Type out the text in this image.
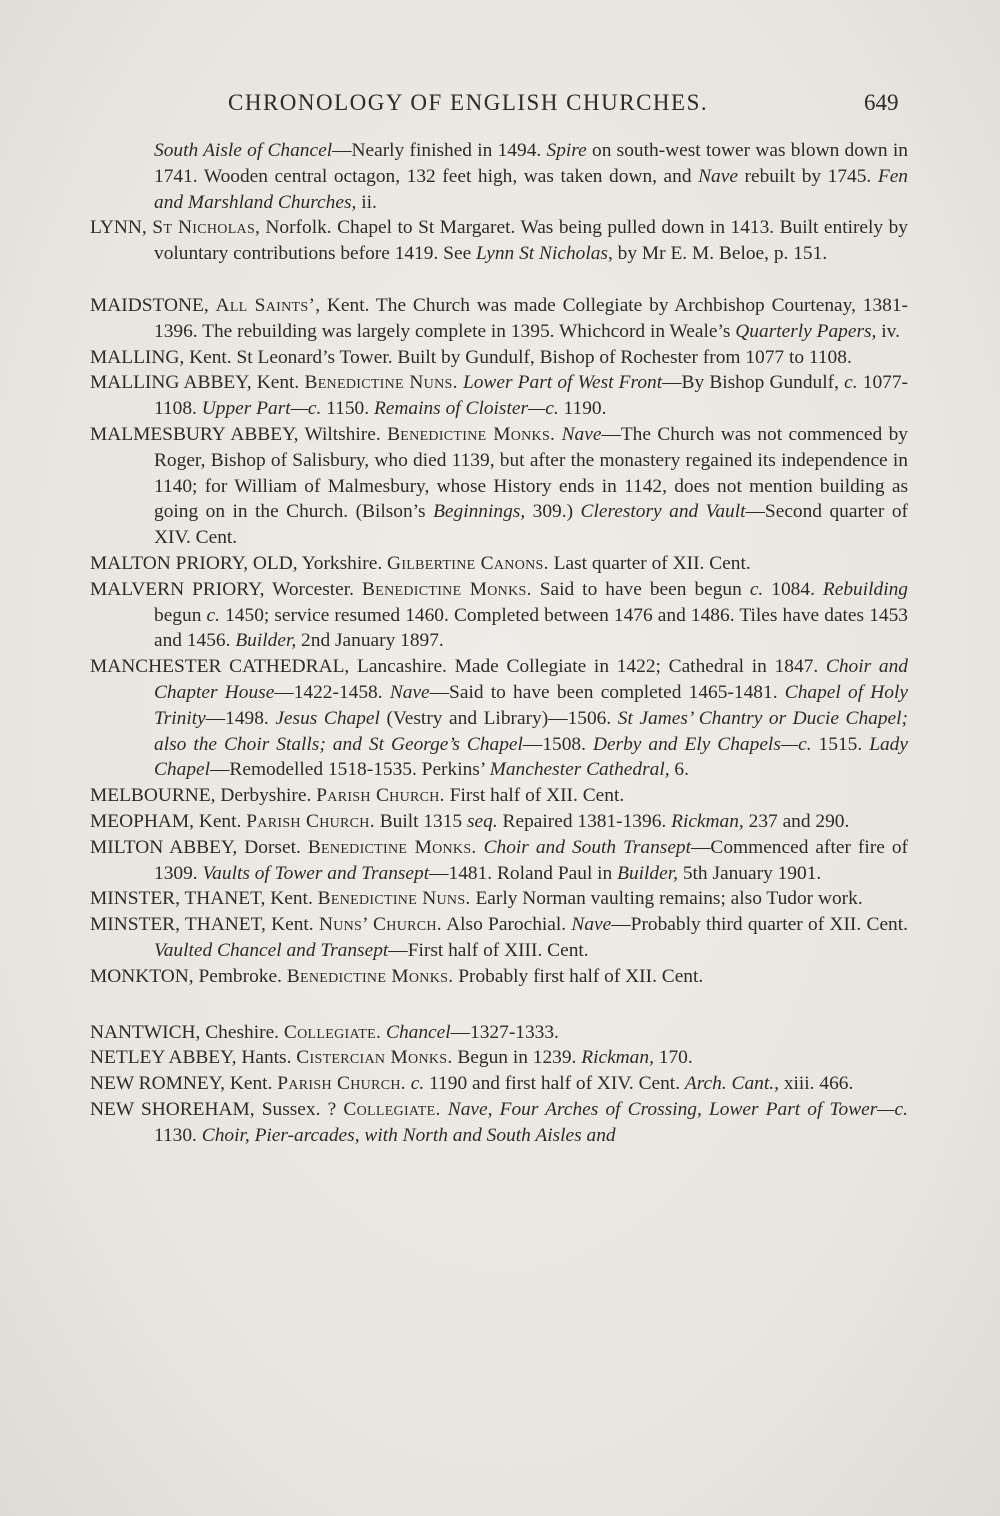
CHRONOLOGY OF ENGLISH CHURCHES.	649

South Aisle of Chancel—Nearly finished in 1494. Spire on south-west tower was blown down in 1741. Wooden central octagon, 132 feet high, was taken down, and Nave rebuilt by 1745. Fen and Marshland Churches, ii.

LYNN, St Nicholas, Norfolk. Chapel to St Margaret. Was being pulled down in 1413. Built entirely by voluntary contributions before 1419. See Lynn St Nicholas, by Mr E. M. Beloe, p. 151.

MAIDSTONE, All Saints’, Kent. The Church was made Collegiate by Archbishop Courtenay, 1381-1396. The rebuilding was largely complete in 1395. Whichcord in Weale’s Quarterly Papers, iv.

MALLING, Kent. St Leonard’s Tower. Built by Gundulf, Bishop of Rochester from 1077 to 1108.

MALLING ABBEY, Kent. Benedictine Nuns. Lower Part of West Front—By Bishop Gundulf, c. 1077-1108. Upper Part—c. 1150. Remains of Cloister—c. 1190.

MALMESBURY ABBEY, Wiltshire. Benedictine Monks. Nave—The Church was not commenced by Roger, Bishop of Salisbury, who died 1139, but after the monastery regained its independence in 1140; for William of Malmesbury, whose History ends in 1142, does not mention building as going on in the Church. (Bilson’s Beginnings, 309.) Clerestory and Vault—Second quarter of XIV. Cent.

MALTON PRIORY, OLD, Yorkshire. Gilbertine Canons. Last quarter of XII. Cent.

MALVERN PRIORY, Worcester. Benedictine Monks. Said to have been begun c. 1084. Rebuilding begun c. 1450; service resumed 1460. Completed between 1476 and 1486. Tiles have dates 1453 and 1456. Builder, 2nd January 1897.

MANCHESTER CATHEDRAL, Lancashire. Made Collegiate in 1422; Cathedral in 1847. Choir and Chapter House—1422-1458. Nave—Said to have been completed 1465-1481. Chapel of Holy Trinity—1498. Jesus Chapel (Vestry and Library)—1506. St James’ Chantry or Ducie Chapel; also the Choir Stalls; and St George’s Chapel—1508. Derby and Ely Chapels—c. 1515. Lady Chapel—Remodelled 1518-1535. Perkins’ Manchester Cathedral, 6.

MELBOURNE, Derbyshire. Parish Church. First half of XII. Cent.

MEOPHAM, Kent. Parish Church. Built 1315 seq. Repaired 1381-1396. Rickman, 237 and 290.

MILTON ABBEY, Dorset. Benedictine Monks. Choir and South Transept—Commenced after fire of 1309. Vaults of Tower and Transept—1481. Roland Paul in Builder, 5th January 1901.

MINSTER, THANET, Kent. Benedictine Nuns. Early Norman vaulting remains; also Tudor work.

MINSTER, THANET, Kent. Nuns’ Church. Also Parochial. Nave—Probably third quarter of XII. Cent. Vaulted Chancel and Transept—First half of XIII. Cent.

MONKTON, Pembroke. Benedictine Monks. Probably first half of XII. Cent.

NANTWICH, Cheshire. Collegiate. Chancel—1327-1333.

NETLEY ABBEY, Hants. Cistercian Monks. Begun in 1239. Rickman, 170.

NEW ROMNEY, Kent. Parish Church. c. 1190 and first half of XIV. Cent. Arch. Cant., xiii. 466.

NEW SHOREHAM, Sussex. ? Collegiate. Nave, Four Arches of Crossing, Lower Part of Tower—c. 1130. Choir, Pier-arcades, with North and South Aisles and
